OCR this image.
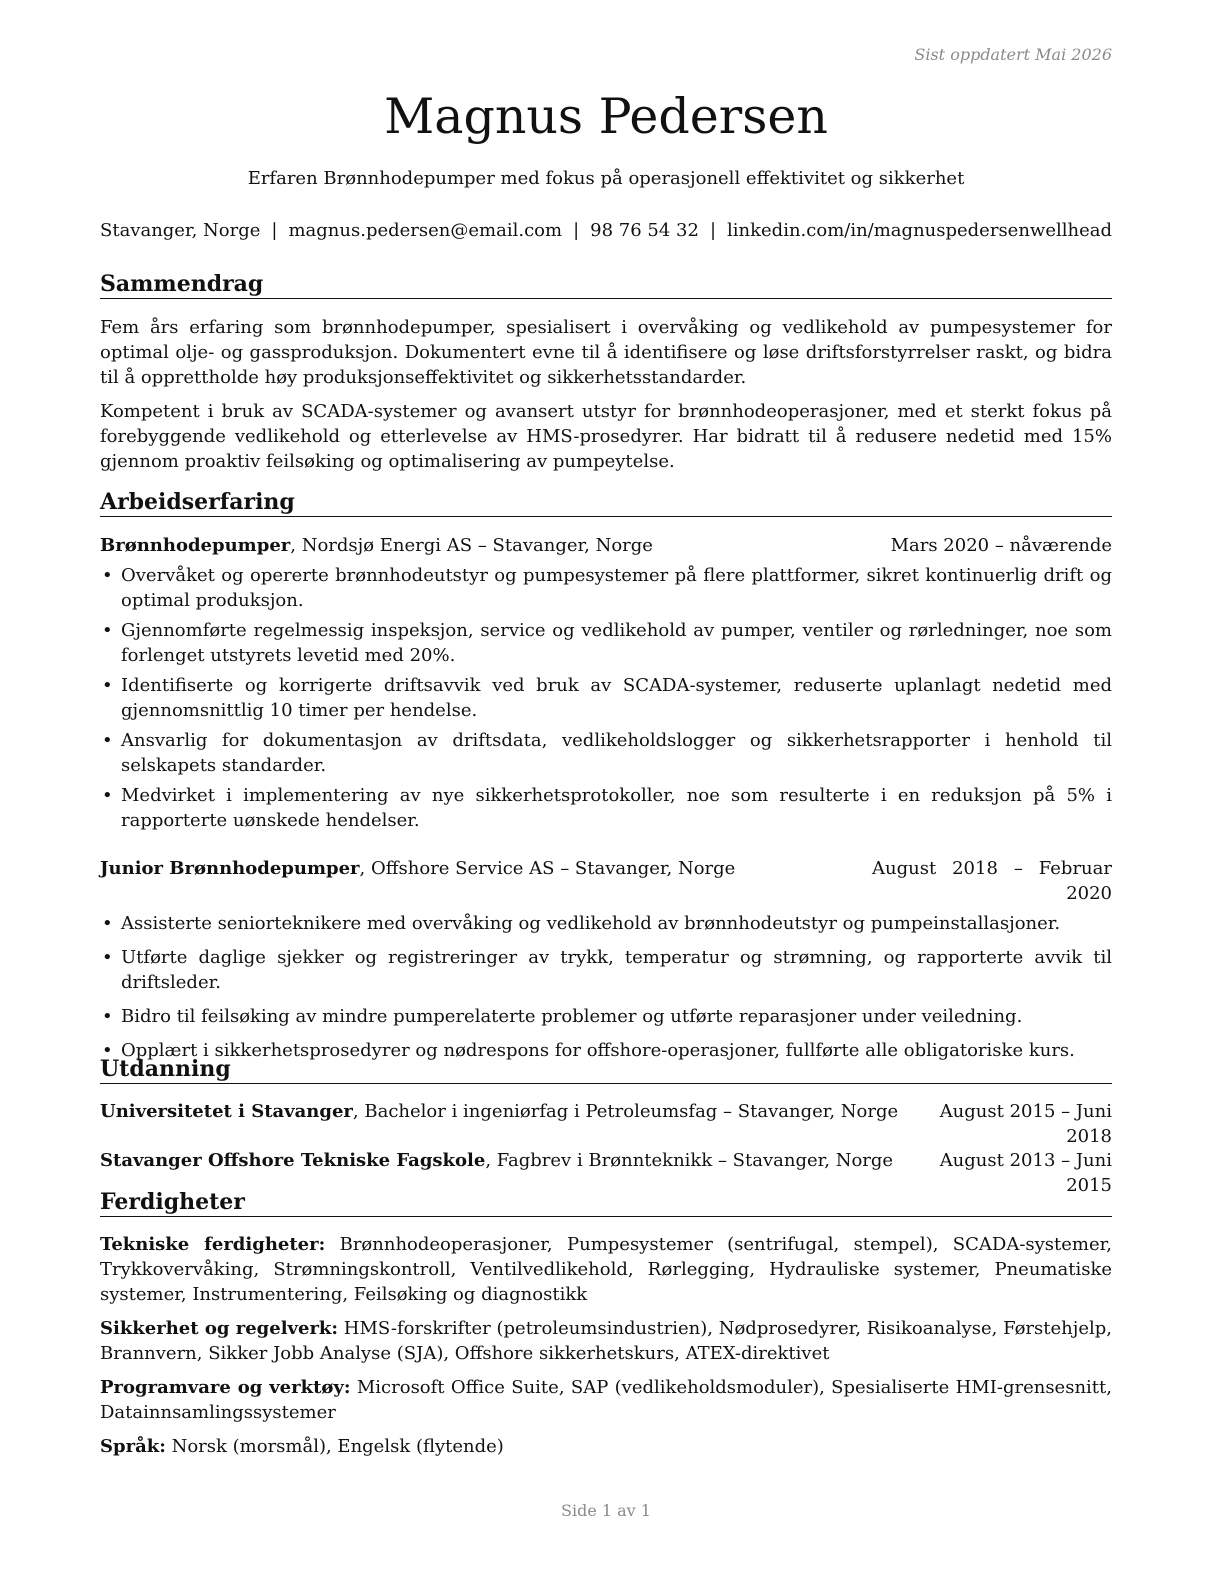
Sist oppdatert Mai 2026
Magnus Pedersen
Erfaren Brønnhodepumper med fokus på operasjonell effektivitet og sikkerhet
Stavanger, Norge | magnus.pedersen@email.com | 98 76 54 32 | linkedin.com/in/magnuspedersenwellhead
Sammendrag

Fem års erfaring som brønnhodepumper, spesialisert i overvåking og vedlikehold av pumpesystemer for optimal olje- og gassproduksjon. Dokumentert evne til å identifisere og løse driftsforstyrrelser raskt, og bidra til å opprettholde høy produksjonseffektivitet og sikkerhetsstandarder.

Kompetent i bruk av SCADA-systemer og avansert utstyr for brønnhodeoperasjoner, med et sterkt fokus på forebyggende vedlikehold og etterlevelse av HMS-prosedyrer. Har bidratt til å redusere nedetid med 15% gjennom proaktiv feilsøking og optimalisering av pumpeytelse.

Arbeidserfaring
Brønnhodepumper, Nordsjø Energi AS – Stavanger, Norge	Mars 2020 – nåværende
• Overvåket og opererte brønnhodeutstyr og pumpesystemer på flere plattformer, sikret kontinuerlig drift og optimal produksjon.
• Gjennomførte regelmessig inspeksjon, service og vedlikehold av pumper, ventiler og rørledninger, noe som forlenget utstyrets levetid med 20%.
• Identifiserte og korrigerte driftsavvik ved bruk av SCADA-systemer, reduserte uplanlagt nedetid med gjennomsnittlig 10 timer per hendelse.
• Ansvarlig for dokumentasjon av driftsdata, vedlikeholdslogger og sikkerhetsrapporter i henhold til selskapets standarder.
• Medvirket i implementering av nye sikkerhetsprotokoller, noe som resulterte i en reduksjon på 5% i rapporterte uønskede hendelser.
Junior Brønnhodepumper, Offshore Service AS – Stavanger, Norge	August 2018 – Februar 2020
• Assisterte seniorteknikere med overvåking og vedlikehold av brønnhodeutstyr og pumpeinstallasjoner.
• Utførte daglige sjekker og registreringer av trykk, temperatur og strømning, og rapporterte avvik til driftsleder.
• Bidro til feilsøking av mindre pumperelaterte problemer og utførte reparasjoner under veiledning.
• Opplært i sikkerhetsprosedyrer og nødrespons for offshore-operasjoner, fullførte alle obligatoriske kurs.
Utdanning
Universitetet i Stavanger, Bachelor i ingeniørfag i Petroleumsfag – Stavanger, Norge	August 2015 – Juni 2018
Stavanger Offshore Tekniske Fagskole, Fagbrev i Brønnteknikk – Stavanger, Norge	August 2013 – Juni 2015
Ferdigheter

Tekniske ferdigheter: Brønnhodeoperasjoner, Pumpesystemer (sentrifugal, stempel), SCADA-systemer, Trykkovervåking, Strømningskontroll, Ventilvedlikehold, Rørlegging, Hydrauliske systemer, Pneumatiske systemer, Instrumentering, Feilsøking og diagnostikk

Sikkerhet og regelverk: HMS-forskrifter (petroleumsindustrien), Nødprosedyrer, Risikoanalyse, Førstehjelp, Brannvern, Sikker Jobb Analyse (SJA), Offshore sikkerhetskurs, ATEX-direktivet

Programvare og verktøy: Microsoft Office Suite, SAP (vedlikeholdsmoduler), Spesialiserte HMI-grensesnitt, Datainnsamlingssystemer

Språk: Norsk (morsmål), Engelsk (flytende)

Side 1 av 1
